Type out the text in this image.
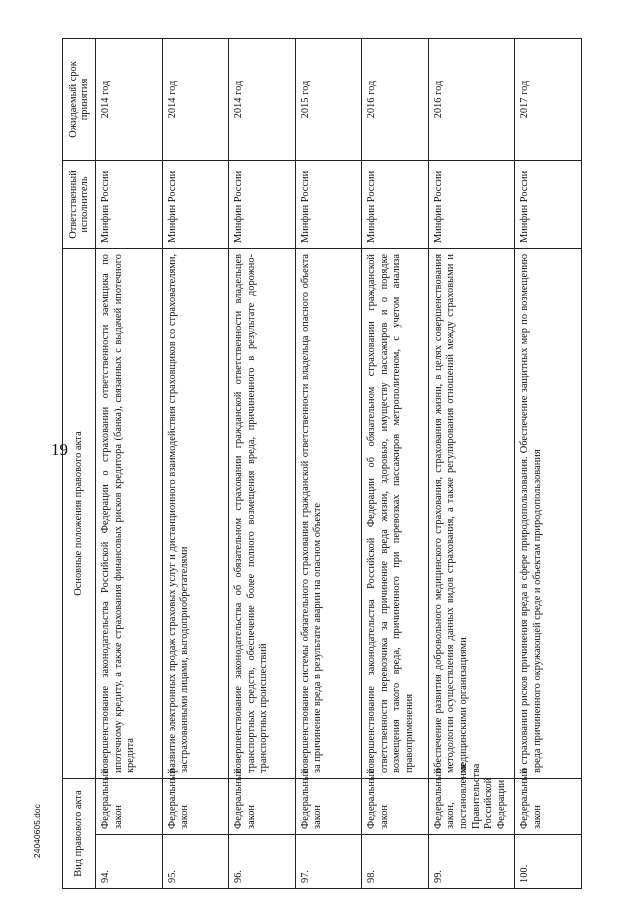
19
Вид правового акта		Основные положения правового акта	Ответственный исполнитель	Ожидаемый срок принятия
94.	Федеральный закон	совершенствование законодательства Российской Федерации о страховании ответственности заемщика по ипотечному кредиту, а также страхования финансовых рисков кредитора (банка), связанных с выдачей ипотечного кредита	Минфин России	2014 год
95.	Федеральный закон	развитие электронных продаж страховых услуг и дистанционного взаимодействия страховщиков со страхователями, застрахованными лицами, выгодоприобретателями	Минфин России	2014 год
96.	Федеральный закон	совершенствование законодательства об обязательном страховании гражданской ответственности владельцев транспортных средств, обеспечение более полного возмещения вреда, причиненного в результате дорожно-транспортных происшествий	Минфин России	2014 год
97.	Федеральный закон	совершенствование системы обязательного страхования гражданской ответственности владельца опасного объекта за причинение вреда в результате аварии на опасном объекте	Минфин России	2015 год
98.	Федеральный закон	совершенствование законодательства Российской Федерации об обязательном страховании гражданской ответственности перевозчика за причинение вреда жизни, здоровью, имуществу пассажиров и о порядке возмещения такого вреда, причиненного при перевозках пассажиров метрополитеном, с учетом анализа правоприменения	Минфин России	2016 год
99.	Федеральный закон, постановление Правительства Российской Федерации	обеспечение развития добровольного медицинского страхования, страхования жизни, в целях совершенствования методологии осуществления данных видов страхования, а также регулирования отношений между страховыми и медицинскими организациями	Минфин России	2016 год
100.	Федеральный закон	о страховании рисков причинения вреда в сфере природопользования. Обеспечение защитных мер по возмещению вреда причиненного окружающей среде и объектам природопользования	Минфин России	2017 год
24040605.doc
